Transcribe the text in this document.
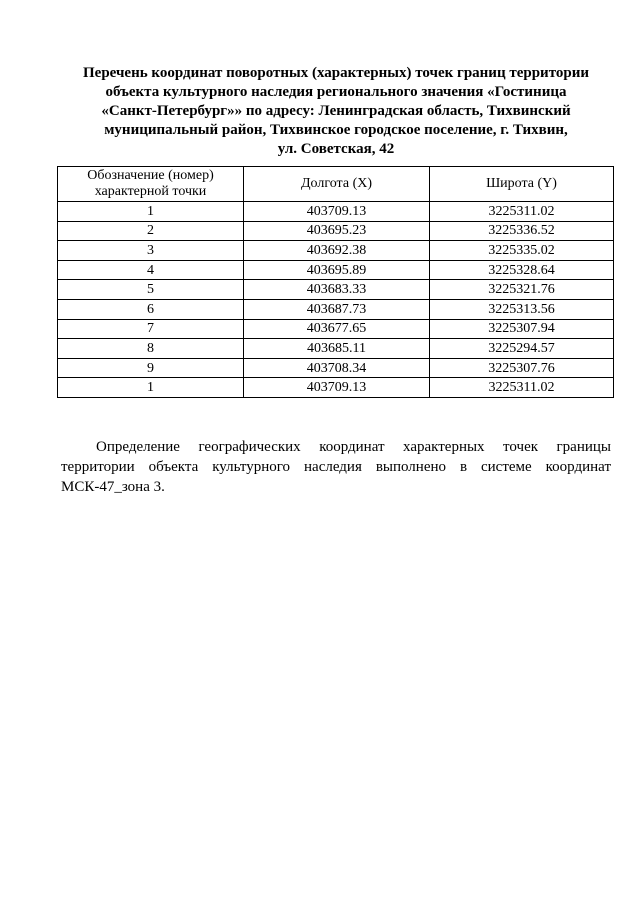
Перечень координат поворотных (характерных) точек границ территории
объекта культурного наследия регионального значения «Гостиница
«Санкт-Петербург»» по адресу: Ленинградская область, Тихвинский
муниципальный район, Тихвинское городское поселение, г. Тихвин,
ул. Советская, 42
Обозначение (номер) характерной точки	Долгота (X)	Широта (Y)
1	403709.13	3225311.02
2	403695.23	3225336.52
3	403692.38	3225335.02
4	403695.89	3225328.64
5	403683.33	3225321.76
6	403687.73	3225313.56
7	403677.65	3225307.94
8	403685.11	3225294.57
9	403708.34	3225307.76
1	403709.13	3225311.02

Определение географических координат характерных точек границы территории объекта культурного наследия выполнено в системе координат МСК-47_зона 3.
